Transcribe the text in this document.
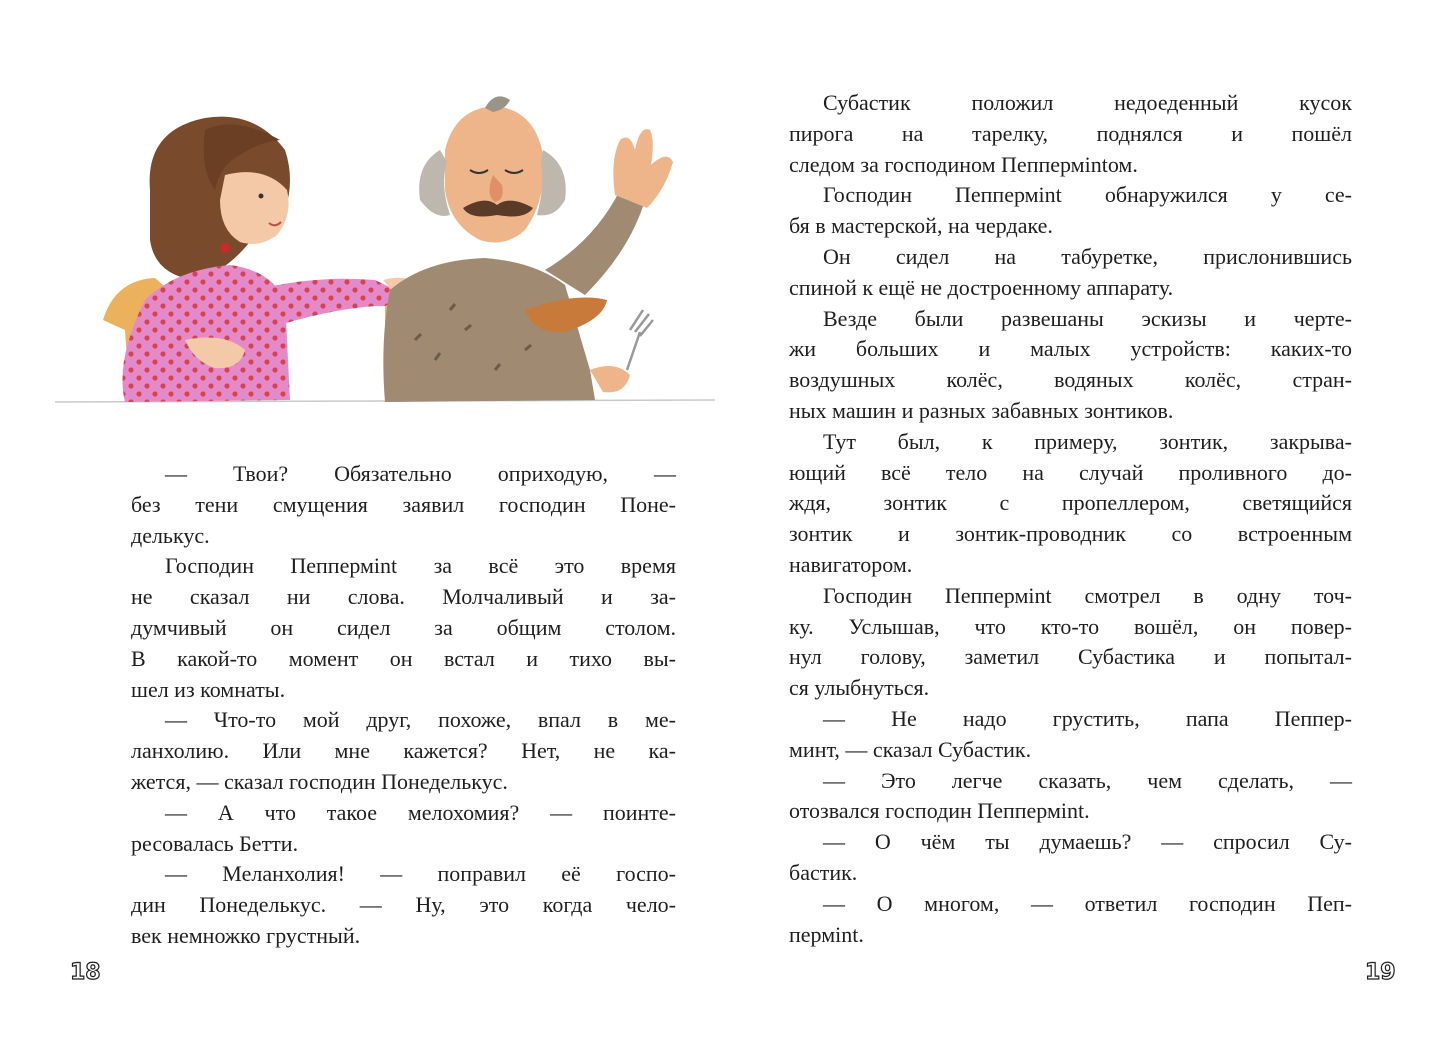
— Твои? Обязательно оприходую, —
без тени смущения заявил господин Поне-
делькус.

Господин Пеппермint за всё это время
не сказал ни слова. Молчаливый и за-
думчивый он сидел за общим столом.
В какой-то момент он встал и тихо вы-
шел из комнаты.

— Что-то мой друг, похоже, впал в ме-
ланхолию. Или мне кажется? Нет, не ка-
жется, — сказал господин Понеделькус.

— А что такое мелохомия? — поинте-
ресовалась Бетти.

— Меланхолия! — поправил её госпо-
дин Понеделькус. — Ну, это когда чело-
век немножко грустный.

18

Субастик положил недоеденный кусок
пирога на тарелку, поднялся и пошёл
следом за господином Пеппермintом.

Господин Пеппермint обнаружился у се-
бя в мастерской, на чердаке.

Он сидел на табуретке, прислонившись
спиной к ещё не достроенному аппарату.

Везде были развешаны эскизы и черте-
жи больших и малых устройств: каких-то
воздушных колёс, водяных колёс, стран-
ных машин и разных забавных зонтиков.

Тут был, к примеру, зонтик, закрыва-
ющий всё тело на случай проливного до-
ждя, зонтик с пропеллером, светящийся
зонтик и зонтик-проводник со встроенным
навигатором.

Господин Пеппермint смотрел в одну точ-
ку. Услышав, что кто-то вошёл, он повер-
нул голову, заметил Субастика и попытал-
ся улыбнуться.

— Не надо грустить, папа Пеппер-
минт, — сказал Субастик.

— Это легче сказать, чем сделать, —
отозвался господин Пеппермint.

— О чём ты думаешь? — спросил Су-
бастик.

— О многом, — ответил господин Пеп-
пермint.

19
